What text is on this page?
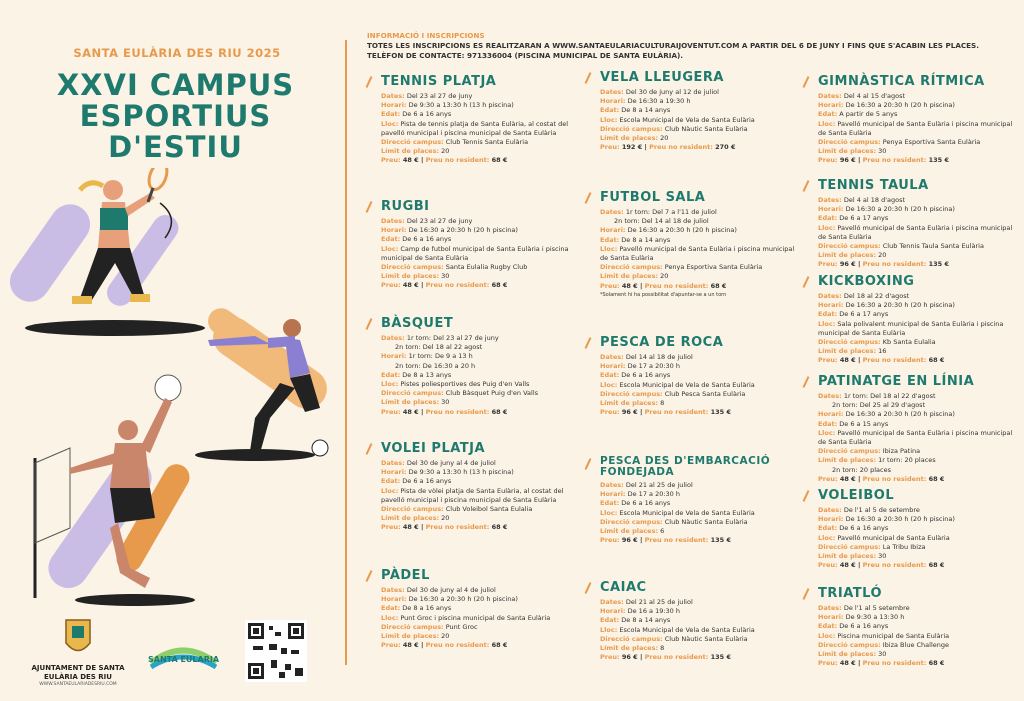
SANTA EULÀRIA DES RIU 2025
XXVI CAMPUS
ESPORTIUS
D'ESTIU
AJUNTAMENT DE SANTA EULÀRIA DES RIU
WWW.SANTAEULARIADESRIU.COM
SANTA EULARIA
INFORMACIÓ I INSCRIPCIONS
TOTES LES INSCRIPCIONS ES REALITZARAN A WWW.SANTAEULARIACULTURAIJOVENTUT.COM A PARTIR DEL 6 DE JUNY I FINS QUE S'ACABIN LES PLACES.
TELÈFON DE CONTACTE: 971336004 (PISCINA MUNICIPAL DE SANTA EULÀRIA).
TENNIS PLATJA
Dates: Del 23 al 27 de juny
Horari: De 9:30 a 13:30 h (13 h piscina)
Edat: De 6 a 16 anys
Lloc: Pista de tennis platja de Santa Eulària, al costat del pavelló municipal i piscina municipal de Santa Eulària
Direcció campus: Club Tennis Santa Eulària
Límit de places: 20
Preu: 48 € | Preu no resident: 68 €
RUGBI
Dates: Del 23 al 27 de juny
Horari: De 16:30 a 20:30 h (20 h piscina)
Edat: De 6 a 16 anys
Lloc: Camp de futbol municipal de Santa Eulària i piscina municipal de Santa Eulària
Direcció campus: Santa Eulalia Rugby Club
Límit de places: 30
Preu: 48 € | Preu no resident: 68 €
BÀSQUET
Dates: 1r torn: Del 23 al 27 de juny
2n torn: Del 18 al 22 agost
Horari: 1r torn: De 9 a 13 h
2n torn: De 16:30 a 20 h
Edat: De 8 a 13 anys
Lloc: Pistes poliesportives des Puig d'en Valls
Direcció campus: Club Bàsquet Puig d'en Valls
Límit de places: 30
Preu: 48 € | Preu no resident: 68 €
VOLEI PLATJA
Dates: Del 30 de juny al 4 de juliol
Horari: De 9:30 a 13:30 h (13 h piscina)
Edat: De 6 a 16 anys
Lloc: Pista de vòlei platja de Santa Eulària, al costat del pavelló municipal i piscina municipal de Santa Eulària
Direcció campus: Club Voleibol Santa Eulalia
Límit de places: 20
Preu: 48 € | Preu no resident: 68 €
PÀDEL
Dates: Del 30 de juny al 4 de juliol
Horari: De 16:30 a 20:30 h (20 h piscina)
Edat: De 8 a 16 anys
Lloc: Punt Groc i piscina municipal de Santa Eulària
Direcció campus: Punt Groc
Límit de places: 20
Preu: 48 € | Preu no resident: 68 €
VELA LLEUGERA
Dates: Del 30 de juny al 12 de juliol
Horari: De 16:30 a 19:30 h
Edat: De 8 a 14 anys
Lloc: Escola Municipal de Vela de Santa Eulària
Direcció campus: Club Nàutic Santa Eulària
Límit de places: 20
Preu: 192 € | Preu no resident: 270 €
FUTBOL SALA
Dates: 1r torn: Del 7 a l'11 de juliol
2n torn: Del 14 al 18 de juliol
Horari: De 16:30 a 20:30 h (20 h piscina)
Edat: De 8 a 14 anys
Lloc: Pavelló municipal de Santa Eulària i piscina municipal de Santa Eulària
Direcció campus: Penya Esportiva Santa Eulària
Límit de places: 20
Preu: 48 € | Preu no resident: 68 €
*Solament hi ha possibilitat d'apuntar-se a un torn
PESCA DE ROCA
Dates: Del 14 al 18 de juliol
Horari: De 17 a 20:30 h
Edat: De 6 a 16 anys
Lloc: Escola Municipal de Vela de Santa Eulària
Direcció campus: Club Pesca Santa Eulària
Límit de places: 8
Preu: 96 € | Preu no resident: 135 €
PESCA DES D'EMBARCACIÓ FONDEJADA
Dates: Del 21 al 25 de juliol
Horari: De 17 a 20:30 h
Edat: De 6 a 16 anys
Lloc: Escola Municipal de Vela de Santa Eulària
Direcció campus: Club Nàutic Santa Eulària
Límit de places: 6
Preu: 96 € | Preu no resident: 135 €
CAIAC
Dates: Del 21 al 25 de juliol
Horari: De 16 a 19:30 h
Edat: De 8 a 14 anys
Lloc: Escola Municipal de Vela de Santa Eulària
Direcció campus: Club Nàutic Santa Eulària
Límit de places: 8
Preu: 96 € | Preu no resident: 135 €
GIMNÀSTICA RÍTMICA
Dates: Del 4 al 15 d'agost
Horari: De 16:30 a 20:30 h (20 h piscina)
Edat: A partir de 5 anys
Lloc: Pavelló municipal de Santa Eulària i piscina municipal de Santa Eulària
Direcció campus: Penya Esportiva Santa Eulària
Límit de places: 30
Preu: 96 € | Preu no resident: 135 €
TENNIS TAULA
Dates: Del 4 al 18 d'agost
Horari: De 16:30 a 20:30 h (20 h piscina)
Edat: De 6 a 17 anys
Lloc: Pavelló municipal de Santa Eulària i piscina municipal de Santa Eulària
Direcció campus: Club Tennis Taula Santa Eulària
Límit de places: 20
Preu: 96 € | Preu no resident: 135 €
KICKBOXING
Dates: Del 18 al 22 d'agost
Horari: De 16:30 a 20:30 h (20 h piscina)
Edat: De 6 a 17 anys
Lloc: Sala polivalent municipal de Santa Eulària i piscina municipal de Santa Eulària
Direcció campus: Kb Santa Eulalia
Límit de places: 16
Preu: 48 € | Preu no resident: 68 €
PATINATGE EN LÍNIA
Dates: 1r torn: Del 18 al 22 d'agost
2n torn: Del 25 al 29 d'agost
Horari: De 16:30 a 20:30 h (20 h piscina)
Edat: De 6 a 15 anys
Lloc: Pavelló municipal de Santa Eulària i piscina municipal de Santa Eulària
Direcció campus: Ibiza Patina
Límit de places: 1r torn: 20 places
2n torn: 20 places
Preu: 48 € | Preu no resident: 68 €
VOLEIBOL
Dates: De l'1 al 5 de setembre
Horari: De 16:30 a 20:30 h (20 h piscina)
Edat: De 6 a 16 anys
Lloc: Pavelló municipal de Santa Eulària
Direcció campus: La Tribu Ibiza
Límit de places: 30
Preu: 48 € | Preu no resident: 68 €
TRIATLÓ
Dates: De l'1 al 5 setembre
Horari: De 9:30 a 13:30 h
Edat: De 6 a 16 anys
Lloc: Piscina municipal de Santa Eulària
Direcció campus: Ibiza Blue Challenge
Límit de places: 30
Preu: 48 € | Preu no resident: 68 €
